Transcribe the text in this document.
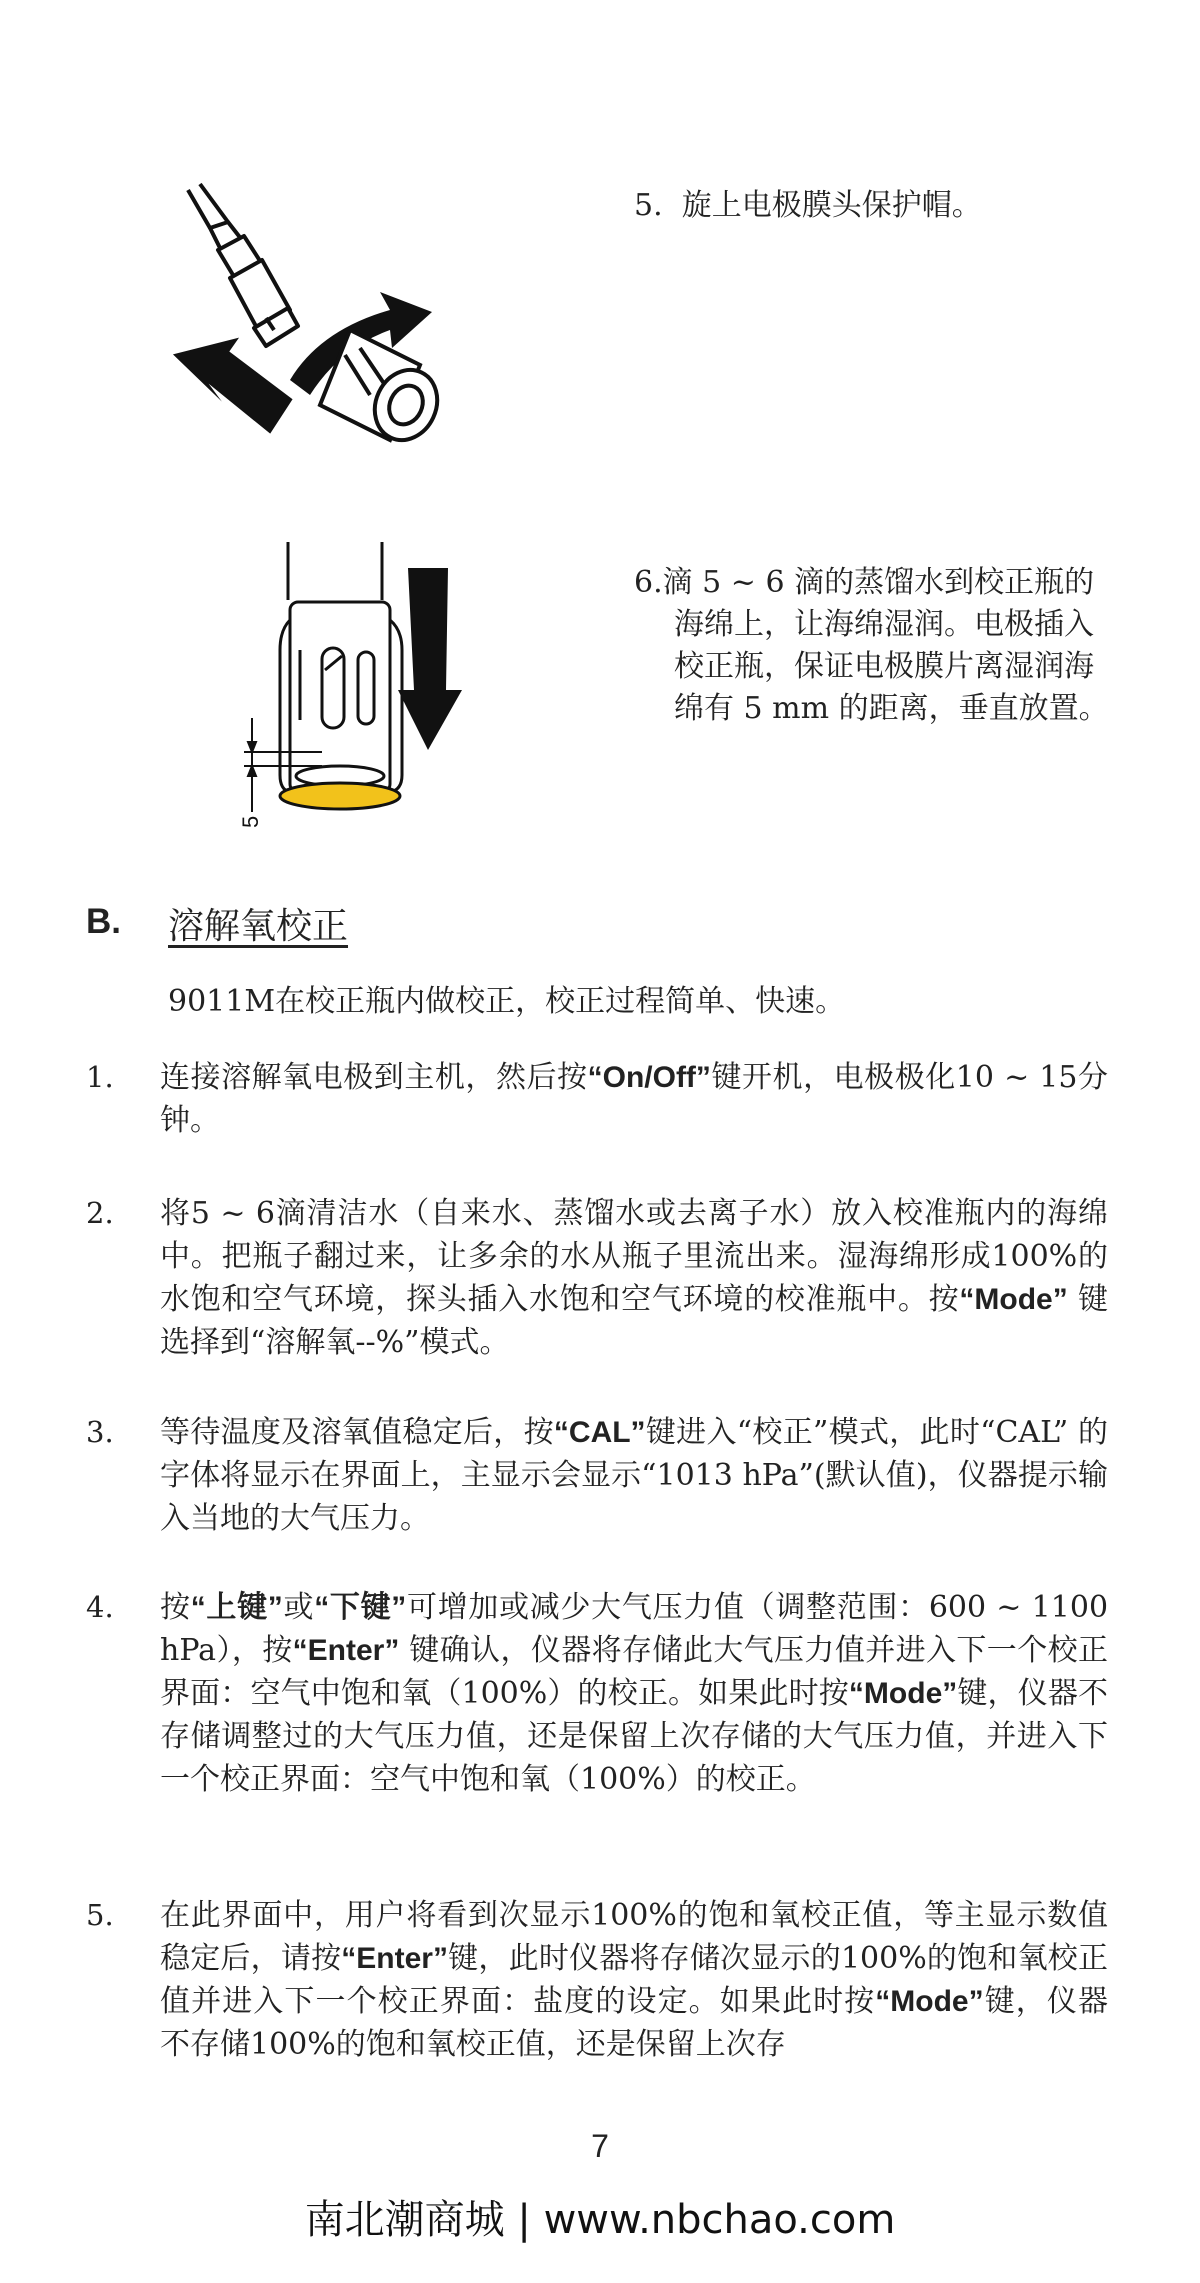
5. 旋上电极膜头保护帽。
5
6.滴 5 ~ 6 滴的蒸馏水到校正瓶的
海绵上，让海绵湿润。电极插入
校正瓶，保证电极膜片离湿润海
绵有 5 mm 的距离，垂直放置。
B. 溶解氧校正
9011M在校正瓶内做校正，校正过程简单、快速。
1. 连接溶解氧电极到主机，然后按“On/Off”键开机，电极极化10 ~ 15分钟。
2. 将5 ~ 6滴清洁水（自来水、蒸馏水或去离子水）放入校准瓶内的海绵中。把瓶子翻过来，让多余的水从瓶子里流出来。湿海绵形成100%的水饱和空气环境，探头插入水饱和空气环境的校准瓶中。按“Mode” 键选择到“溶解氧--%”模式。
3. 等待温度及溶氧值稳定后，按“CAL”键进入“校正”模式，此时“CAL” 的字体将显示在界面上，主显示会显示“1013 hPa”(默认值)，仪器提示输入当地的大气压力。
4. 按“上键”或“下键”可增加或减少大气压力值（调整范围：600 ~ 1100 hPa），按“Enter” 键确认，仪器将存储此大气压力值并进入下一个校正界面：空气中饱和氧（100%）的校正。如果此时按“Mode”键，仪器不存储调整过的大气压力值，还是保留上次存储的大气压力值，并进入下一个校正界面：空气中饱和氧（100%）的校正。
5. 在此界面中，用户将看到次显示100%的饱和氧校正值，等主显示数值稳定后，请按“Enter”键，此时仪器将存储次显示的100%的饱和氧校正值并进入下一个校正界面：盐度的设定。如果此时按“Mode”键，仪器不存储100%的饱和氧校正值，还是保留上次存
7
南北潮商城 | www.nbchao.com
